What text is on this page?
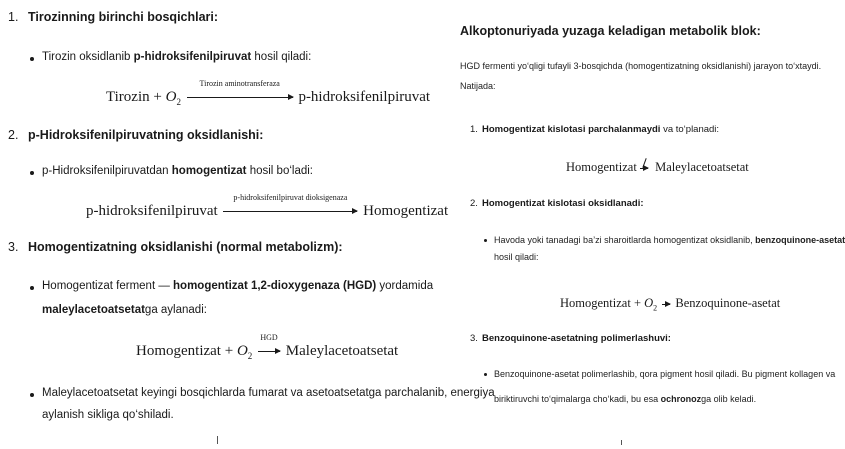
1. Tirozinning birinchi bosqichlari:
Tirozin oksidlanib p-hidroksifenilpiruvat hosil qiladi:
Tirozin + $O_2$
Tirozin aminotransferaza
p-hidroksifenilpiruvat
2. p-Hidroksifenilpiruvatning oksidlanishi:
p-Hidroksifenilpiruvatdan homogentizat hosil bo‘ladi:
p-hidroksifenilpiruvat
p-hidroksifenilpiruvat dioksigenaza
Homogentizat
3. Homogentizatning oksidlanishi (normal metabolizm):
Homogentizat ferment — homogentizat 1,2-dioxygenaza (HGD) yordamida
maleylacetoatsetatga aylanadi:
Homogentizat + $O_2$
HGD
Maleylacetoatsetat
Maleylacetoatsetat keyingi bosqichlarda fumarat va asetoatsetatga parchalanib, energiya
aylanish sikliga qo‘shiladi.
Alkoptonuriyada yuzaga keladigan metabolik blok:
HGD fermenti yo‘qligi tufayli 3-bosqichda (homogentizatning oksidlanishi) jarayon to‘xtaydi.
Natijada:
1. Homogentizat kislotasi parchalanmaydi va to‘planadi:
Homogentizat Maleylacetoatsetat
2. Homogentizat kislotasi oksidlanadi:
Havoda yoki tanadagi ba’zi sharoitlarda homogentizat oksidlanib, benzoquinone-asetat
hosil qiladi:
Homogentizat + $O_2$ Benzoquinone-asetat
3. Benzoquinone-asetatning polimerlashuvi:
Benzoquinone-asetat polimerlashib, qora pigment hosil qiladi. Bu pigment kollagen va
biriktiruvchi to‘qimalarga cho‘kadi, bu esa ochronozga olib keladi.
